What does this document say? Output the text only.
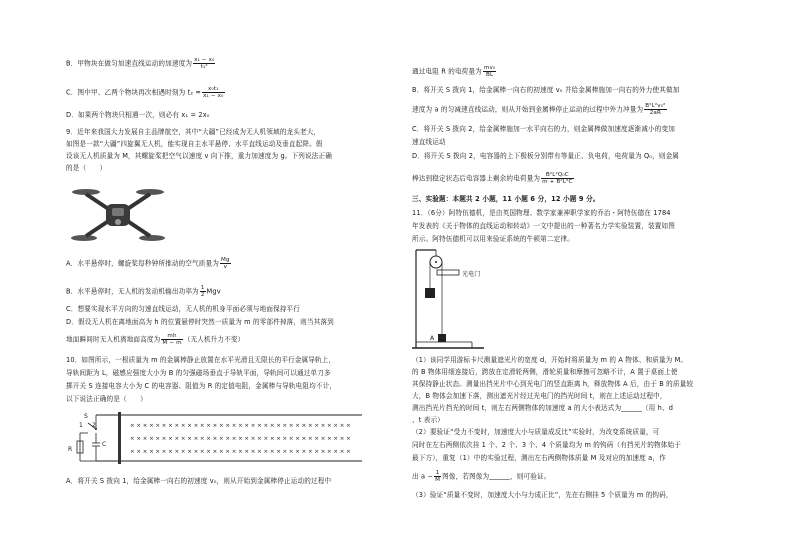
B．甲物块在做匀加速直线运动的加速度为 $\frac{\text{x₁ − x₀}}{\text{t₁²}}$
C．图中甲、乙两个物块再次相遇时刻为 $t_2 = \frac{\text{x₀t₁}}{\text{x₁ − x₀}}$
D．如果两个物块只相遇一次，则必有 x₁ = 2x₀
9．近年来我国大力发展自主品牌航空，其中“大疆”已经成为无人机领域的龙头老大，
如图是一款“大疆”四旋翼无人机，能实现自主水平悬停、水平直线运动及垂直起降。假
设该无人机质量为 M，其螺旋桨把空气以速度 v 向下推，重力加速度为 g。下列说法正确
的是（　　）
A．水平悬停时，螺旋桨每秒钟所推动的空气质量为 $\frac{Mg}{v}$
B．水平悬停时，无人机的发动机输出功率为 $\frac{1}{2}$ Mgv
C．想要实现水平方向的匀速直线运动，无人机的机身平面必须与地面保持平行
D．假设无人机在离地面高为 h 的位置悬停时突然一质量为 m 的零部件掉落，则当其落到
地面瞬间时无人机离地面高度为 $\frac{mh}{M - m}$ （无人机升力不变）
10．如图所示，一根质量为 m 的金属棒静止放置在水平光滑且无限长的平行金属导轨上，
导轨间距为 L，磁感应强度大小为 B 的匀强磁场垂直于导轨平面，导轨间可以通过单刀多
掷开关 S 连接电容大小为 C 的电容器、阻值为 R 的定值电阻，金属棒与导轨电阻均不计，
以下说法正确的是（　　）
× × × × × × × × × × × × × × × × × × × × × × × × × × × × × × × × × × ×
× × × × × × × × × × × × × × × × × × × × × × × × × × × × × × × × × × ×
× × × × × × × × × × × × × × × × × × × × × × × × × × × × × × × × × × ×
S
1 2
C
R
A．将开关 S 拨向 1，给金属棒一向右的初速度 v₀，则从开始到金属棒停止运动的过程中
通过电阻 R 的电荷量为 $\frac{\text{mv₀}}{BL}$
B．将开关 S 拨向 1，给金属棒一向右的初速度 v₀ 并给金属棒施加一向右的外力使其做加
速度为 a 的匀减速直线运动，则从开始到金属棒停止运动的过程中外力冲量为 $\frac{\text{B²L²v₀²}}{2aR}$
C．将开关 S 拨向 2，给金属棒施加一水平向右的力，则金属棒做加速度逐渐减小的变加
速直线运动
D．将开关 S 拨向 2，电容器的上下极板分别带有等量正、负电荷，电荷量为 Q₀，则金属
棒达到稳定状态后电容器上剩余的电荷量为 $\frac{\text{B²L²Q₀C}}{\text{m + B²L²C}}$
三、实验题：本题共 2 小题，11 小题 6 分，12 小题 9 分。
11．（6分）阿特伍德机，是由英国物理、数学家兼神职学家的乔治・阿特伍德在 1784
年发表的《关于物体的直线运动和转动》一文中提出的一种著名力学实验装置，装置如图
所示。阿特伍德机可以用来验证系统的牛顿第二定律。
光电门
G
A
（1）该同学用游标卡尺测量遮光片的宽度 d，开始时将质量为 m 的 A 物体、和质量为 M。
的 B 物体用细连接后，跨放在定滑轮两侧，滑轮质量和摩擦可忽略不计，A 置于桌面上使
其保持静止状态。测量出挡光片中心到光电门的竖直距离 h，释放物体 A 后，由于 B 的质量较
大，B 物体会加速下落，测出遮光片经过光电门的挡光时间 t，则在上述运动过程中，
测出挡光片挡光的时间 t，则左右两侧物体的加速度 a 的大小表达式为______（用 h、d
、t 表示）
（2）要验证“受力不变时，加速度大小与质量成反比”实验时，为改变系统质量，可
同时在左右两侧依次挂 1 个、2 个、3 个、4 个质量均为 m 的钩码（有挡光片的物体始于
最下方），重复（1）中的实验过程，测出左右两侧物体质量 M 及对应的加速度 a，作
出 $a - \frac{1}{M}$ 图像，若图像为______，则可验证。
（3）验证“质量不变时，加速度大小与力成正比”，先在右侧挂 5 个质量为 m 的钩码，
